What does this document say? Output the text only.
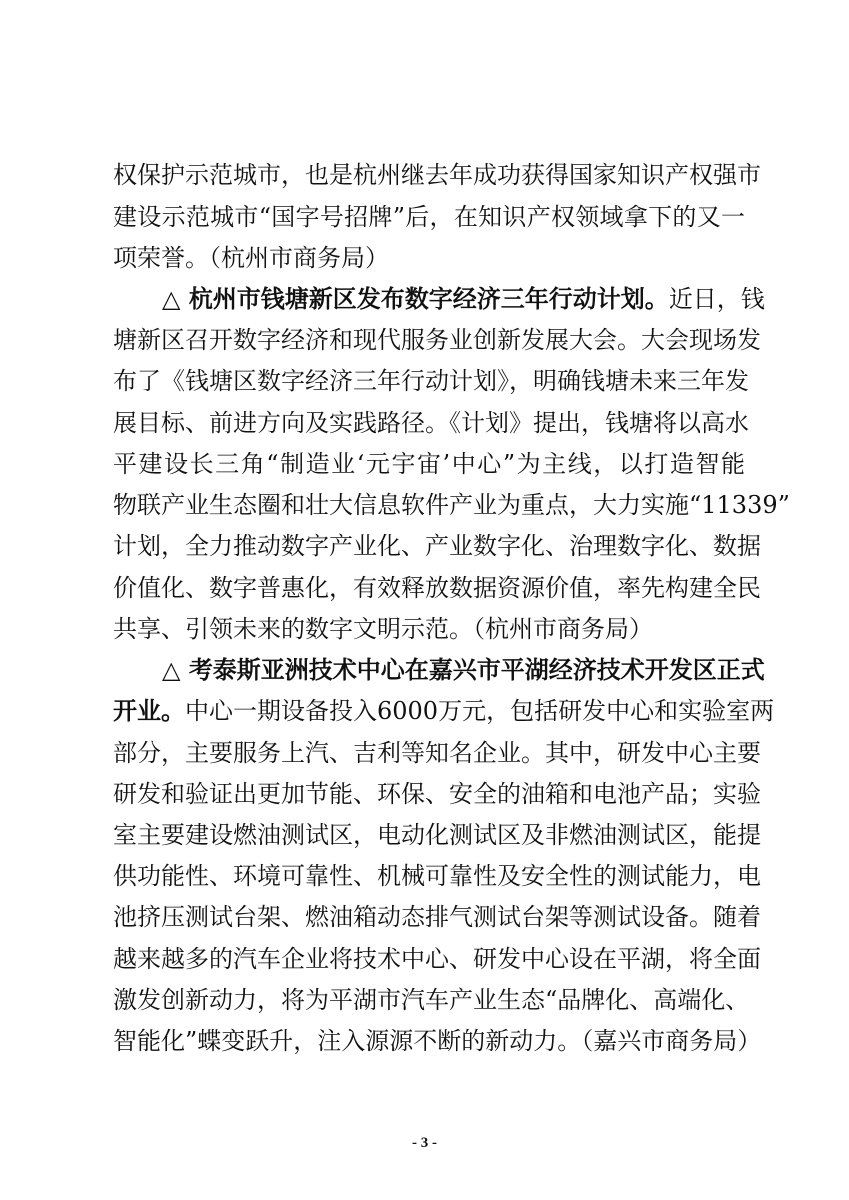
权保护示范城市，也是杭州继去年成功获得国家知识产权强市
建设示范城市“国字号招牌”后，在知识产权领域拿下的又一
项荣誉。（杭州市商务局）
△ 杭州市钱塘新区发布数字经济三年行动计划。近日，钱
塘新区召开数字经济和现代服务业创新发展大会。大会现场发
布了《钱塘区数字经济三年行动计划》，明确钱塘未来三年发
展目标、前进方向及实践路径。《计划》提出，钱塘将以高水
平建设长三角“制造业‘元宇宙’中心”为主线，以打造智能
物联产业生态圈和壮大信息软件产业为重点，大力实施“11339”
计划，全力推动数字产业化、产业数字化、治理数字化、数据
价值化、数字普惠化，有效释放数据资源价值，率先构建全民
共享、引领未来的数字文明示范。（杭州市商务局）
△ 考泰斯亚洲技术中心在嘉兴市平湖经济技术开发区正式
开业。中心一期设备投入6000万元，包括研发中心和实验室两
部分，主要服务上汽、吉利等知名企业。其中，研发中心主要
研发和验证出更加节能、环保、安全的油箱和电池产品；实验
室主要建设燃油测试区，电动化测试区及非燃油测试区，能提
供功能性、环境可靠性、机械可靠性及安全性的测试能力，电
池挤压测试台架、燃油箱动态排气测试台架等测试设备。随着
越来越多的汽车企业将技术中心、研发中心设在平湖，将全面
激发创新动力，将为平湖市汽车产业生态“品牌化、高端化、
智能化”蝶变跃升，注入源源不断的新动力。（嘉兴市商务局）
- 3 -
